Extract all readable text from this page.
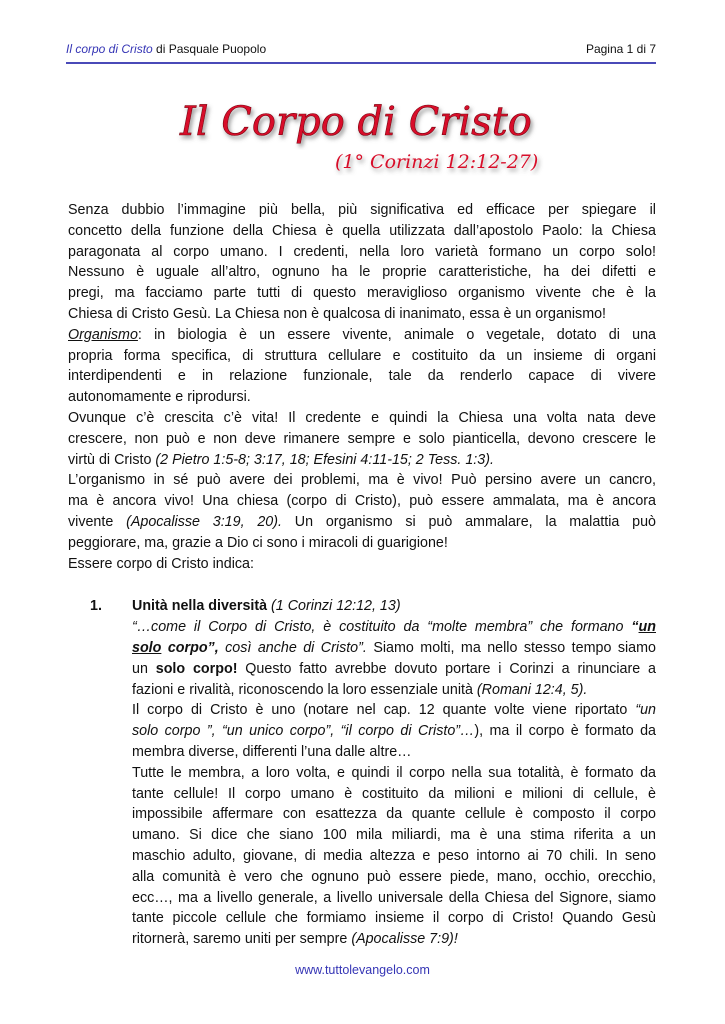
Il corpo di Cristo di Pasquale Puopolo	Pagina 1 di 7
Il Corpo di Cristo
(1° Corinzi 12:12-27)
Senza dubbio l’immagine più bella, più significativa ed efficace per spiegare il
concetto della funzione della Chiesa è quella utilizzata dall’apostolo Paolo: la Chiesa
paragonata al corpo umano. I credenti, nella loro varietà formano un corpo solo!
Nessuno è uguale all’altro, ognuno ha le proprie caratteristiche, ha dei difetti e
pregi, ma facciamo parte tutti di questo meraviglioso organismo vivente che è la
Chiesa di Cristo Gesù. La Chiesa non è qualcosa di inanimato, essa è un organismo!
Organismo: in biologia è un essere vivente, animale o vegetale, dotato di una
propria forma specifica, di struttura cellulare e costituito da un insieme di organi
interdipendenti e in relazione funzionale, tale da renderlo capace di vivere
autonomamente e riprodursi.
Ovunque c’è crescita c’è vita! Il credente e quindi la Chiesa una volta nata deve
crescere, non può e non deve rimanere sempre e solo pianticella, devono crescere le
virtù di Cristo (2 Pietro 1:5-8; 3:17, 18; Efesini 4:11-15; 2 Tess. 1:3).
L’organismo in sé può avere dei problemi, ma è vivo! Può persino avere un cancro,
ma è ancora vivo! Una chiesa (corpo di Cristo), può essere ammalata, ma è ancora
vivente (Apocalisse 3:19, 20). Un organismo si può ammalare, la malattia può
peggiorare, ma, grazie a Dio ci sono i miracoli di guarigione!
Essere corpo di Cristo indica:
1. Unità nella diversità (1 Corinzi 12:12, 13)
“…come il Corpo di Cristo, è costituito da “molte membra” che formano “un
solo corpo”, così anche di Cristo”. Siamo molti, ma nello stesso tempo siamo
un solo corpo! Questo fatto avrebbe dovuto portare i Corinzi a rinunciare a
fazioni e rivalità, riconoscendo la loro essenziale unità (Romani 12:4, 5).
Il corpo di Cristo è uno (notare nel cap. 12 quante volte viene riportato “un
solo corpo ”, “un unico corpo”, “il corpo di Cristo”…), ma il corpo è formato da
membra diverse, differenti l’una dalle altre…
Tutte le membra, a loro volta, e quindi il corpo nella sua totalità, è formato da
tante cellule! Il corpo umano è costituito da milioni e milioni di cellule, è
impossibile affermare con esattezza da quante cellule è composto il corpo
umano. Si dice che siano 100 mila miliardi, ma è una stima riferita a un
maschio adulto, giovane, di media altezza e peso intorno ai 70 chili. In seno
alla comunità è vero che ognuno può essere piede, mano, occhio, orecchio,
ecc…, ma a livello generale, a livello universale della Chiesa del Signore, siamo
tante piccole cellule che formiamo insieme il corpo di Cristo! Quando Gesù
ritornerà, saremo uniti per sempre (Apocalisse 7:9)!
www.tuttolevangelo.com
